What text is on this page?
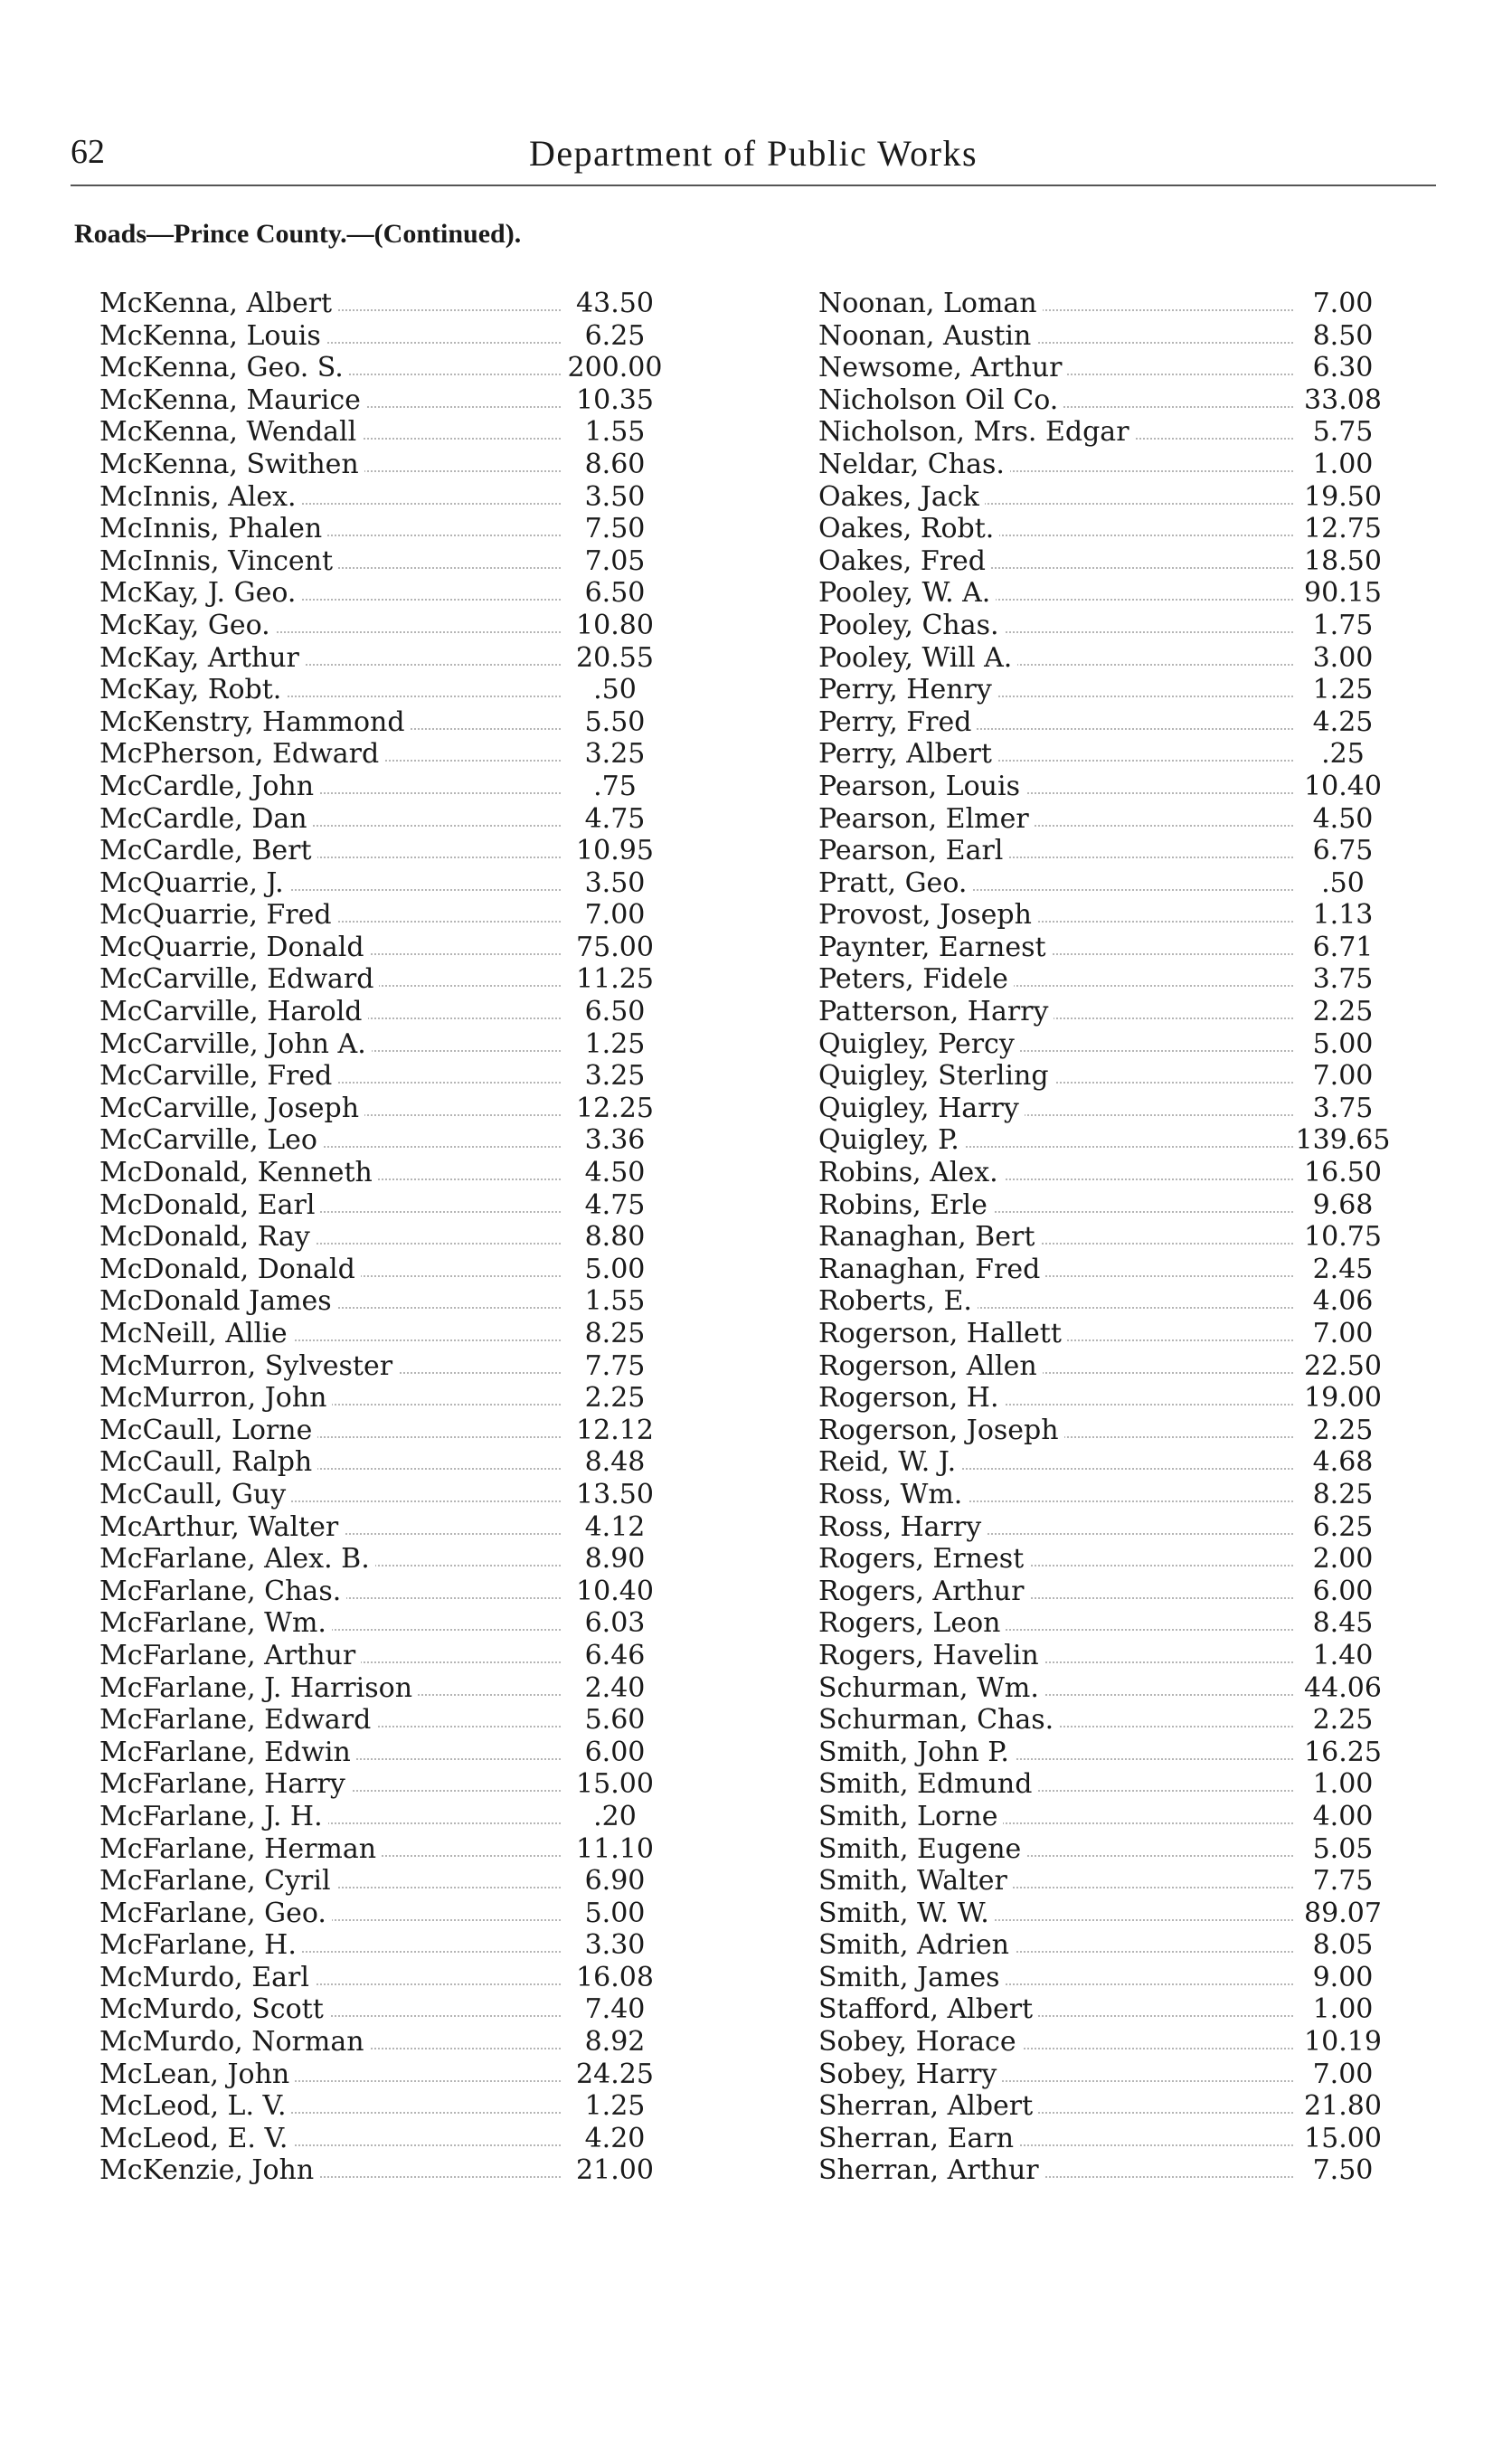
62	Department of Public Works
Roads—Prince County.—(Continued).
McKenna, Albert	43.50
McKenna, Louis	6.25
McKenna, Geo. S.	200.00
McKenna, Maurice	10.35
McKenna, Wendall	1.55
McKenna, Swithen	8.60
McInnis, Alex.	3.50
McInnis, Phalen	7.50
McInnis, Vincent	7.05
McKay, J. Geo.	6.50
McKay, Geo.	10.80
McKay, Arthur	20.55
McKay, Robt.	.50
McKenstry, Hammond	5.50
McPherson, Edward	3.25
McCardle, John	.75
McCardle, Dan	4.75
McCardle, Bert	10.95
McQuarrie, J.	3.50
McQuarrie, Fred	7.00
McQuarrie, Donald	75.00
McCarville, Edward	11.25
McCarville, Harold	6.50
McCarville, John A.	1.25
McCarville, Fred	3.25
McCarville, Joseph	12.25
McCarville, Leo	3.36
McDonald, Kenneth	4.50
McDonald, Earl	4.75
McDonald, Ray	8.80
McDonald, Donald	5.00
McDonald James	1.55
McNeill, Allie	8.25
McMurron, Sylvester	7.75
McMurron, John	2.25
McCaull, Lorne	12.12
McCaull, Ralph	8.48
McCaull, Guy	13.50
McArthur, Walter	4.12
McFarlane, Alex. B.	8.90
McFarlane, Chas.	10.40
McFarlane, Wm.	6.03
McFarlane, Arthur	6.46
McFarlane, J. Harrison	2.40
McFarlane, Edward	5.60
McFarlane, Edwin	6.00
McFarlane, Harry	15.00
McFarlane, J. H.	.20
McFarlane, Herman	11.10
McFarlane, Cyril	6.90
McFarlane, Geo.	5.00
McFarlane, H.	3.30
McMurdo, Earl	16.08
McMurdo, Scott	7.40
McMurdo, Norman	8.92
McLean, John	24.25
McLeod, L. V.	1.25
McLeod, E. V.	4.20
McKenzie, John	21.00
Noonan, Loman	7.00
Noonan, Austin	8.50
Newsome, Arthur	6.30
Nicholson Oil Co.	33.08
Nicholson, Mrs. Edgar	5.75
Neldar, Chas.	1.00
Oakes, Jack	19.50
Oakes, Robt.	12.75
Oakes, Fred	18.50
Pooley, W. A.	90.15
Pooley, Chas.	1.75
Pooley, Will A.	3.00
Perry, Henry	1.25
Perry, Fred	4.25
Perry, Albert	.25
Pearson, Louis	10.40
Pearson, Elmer	4.50
Pearson, Earl	6.75
Pratt, Geo.	.50
Provost, Joseph	1.13
Paynter, Earnest	6.71
Peters, Fidele	3.75
Patterson, Harry	2.25
Quigley, Percy	5.00
Quigley, Sterling	7.00
Quigley, Harry	3.75
Quigley, P.	139.65
Robins, Alex.	16.50
Robins, Erle	9.68
Ranaghan, Bert	10.75
Ranaghan, Fred	2.45
Roberts, E.	4.06
Rogerson, Hallett	7.00
Rogerson, Allen	22.50
Rogerson, H.	19.00
Rogerson, Joseph	2.25
Reid, W. J.	4.68
Ross, Wm.	8.25
Ross, Harry	6.25
Rogers, Ernest	2.00
Rogers, Arthur	6.00
Rogers, Leon	8.45
Rogers, Havelin	1.40
Schurman, Wm.	44.06
Schurman, Chas.	2.25
Smith, John P.	16.25
Smith, Edmund	1.00
Smith, Lorne	4.00
Smith, Eugene	5.05
Smith, Walter	7.75
Smith, W. W.	89.07
Smith, Adrien	8.05
Smith, James	9.00
Stafford, Albert	1.00
Sobey, Horace	10.19
Sobey, Harry	7.00
Sherran, Albert	21.80
Sherran, Earn	15.00
Sherran, Arthur	7.50
